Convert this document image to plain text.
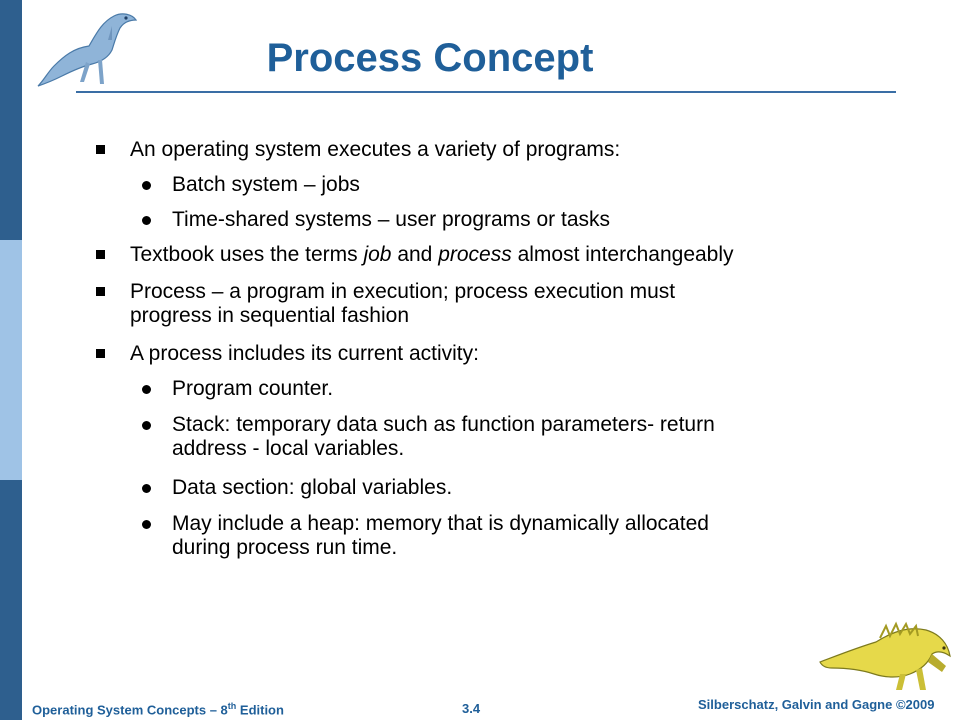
Process Concept
An operating system executes a variety of programs:
Batch system – jobs
Time-shared systems – user programs or tasks
Textbook uses the terms job and process almost interchangeably
Process – a program in execution; process execution must
progress in sequential fashion
A process includes its current activity:
Program counter.
Stack: temporary data such as function parameters- return
address - local variables.
Data section: global variables.
May include a heap: memory that is dynamically allocated
during process run time.
Operating System Concepts – 8th Edition	3.4	Silberschatz, Galvin and Gagne ©2009
